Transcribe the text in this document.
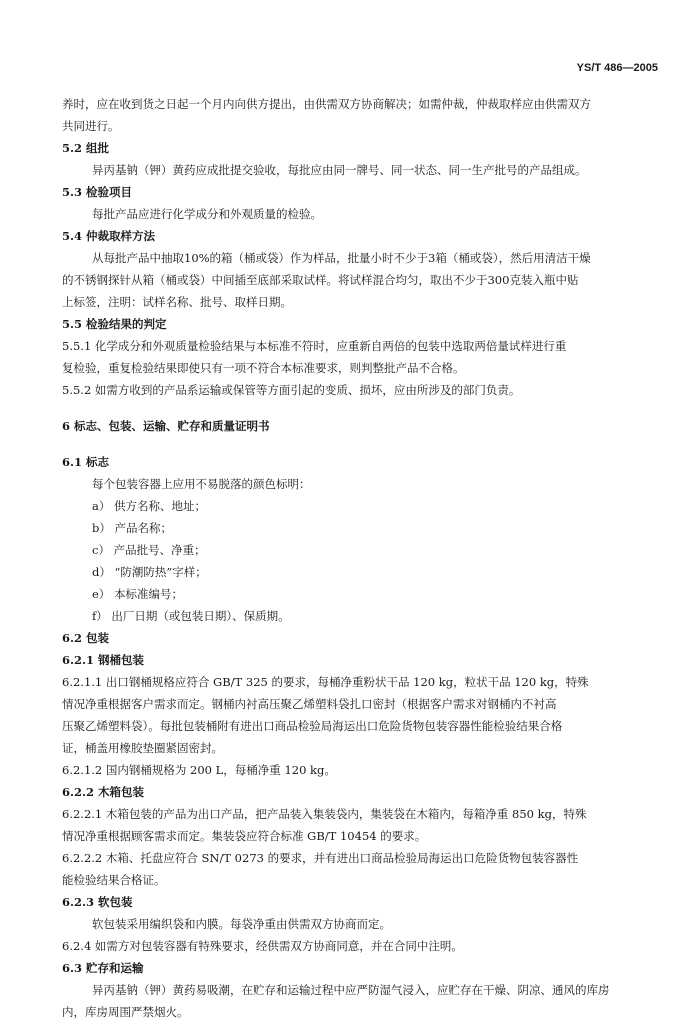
YS/T 486—2005
养时，应在收到货之日起一个月内向供方提出，由供需双方协商解决；如需仲裁，仲裁取样应由供需双方
共同进行。
5.2 组批
异丙基钠（钾）黄药应成批提交验收，每批应由同一牌号、同一状态、同一生产批号的产品组成。
5.3 检验项目
每批产品应进行化学成分和外观质量的检验。
5.4 仲裁取样方法
从每批产品中抽取10%的箱（桶或袋）作为样品，批量小时不少于3箱（桶或袋），然后用清洁干燥
的不锈钢探针从箱（桶或袋）中间插至底部采取试样。将试样混合均匀，取出不少于300克装入瓶中贴
上标签，注明：试样名称、批号、取样日期。
5.5 检验结果的判定
5.5.1 化学成分和外观质量检验结果与本标准不符时，应重新自两倍的包装中选取两倍量试样进行重
复检验，重复检验结果即使只有一项不符合本标准要求，则判整批产品不合格。
5.5.2 如需方收到的产品系运输或保管等方面引起的变质、损坏，应由所涉及的部门负责。
6 标志、包装、运输、贮存和质量证明书
6.1 标志
每个包装容器上应用不易脱落的颜色标明：
a） 供方名称、地址；
b） 产品名称；
c） 产品批号、净重；
d） “防潮防热”字样；
e） 本标准编号；
f） 出厂日期（或包装日期）、保质期。
6.2 包装
6.2.1 钢桶包装
6.2.1.1 出口钢桶规格应符合 GB/T 325 的要求，每桶净重粉状干品 120 kg，粒状干品 120 kg，特殊
情况净重根据客户需求而定。钢桶内衬高压聚乙烯塑料袋扎口密封（根据客户需求对钢桶内不衬高
压聚乙烯塑料袋）。每批包装桶附有进出口商品检验局海运出口危险货物包装容器性能检验结果合格
证，桶盖用橡胶垫圈紧固密封。
6.2.1.2 国内钢桶规格为 200 L，每桶净重 120 kg。
6.2.2 木箱包装
6.2.2.1 木箱包装的产品为出口产品，把产品装入集装袋内，集装袋在木箱内，每箱净重 850 kg，特殊
情况净重根据顾客需求而定。集装袋应符合标准 GB/T 10454 的要求。
6.2.2.2 木箱、托盘应符合 SN/T 0273 的要求，并有进出口商品检验局海运出口危险货物包装容器性
能检验结果合格证。
6.2.3 软包装
软包装采用编织袋和内膜。每袋净重由供需双方协商而定。
6.2.4 如需方对包装容器有特殊要求，经供需双方协商同意，并在合同中注明。
6.3 贮存和运输
异丙基钠（钾）黄药易吸潮，在贮存和运输过程中应严防湿气浸入，应贮存在干燥、阴凉、通风的库房
内，库房周围严禁烟火。
